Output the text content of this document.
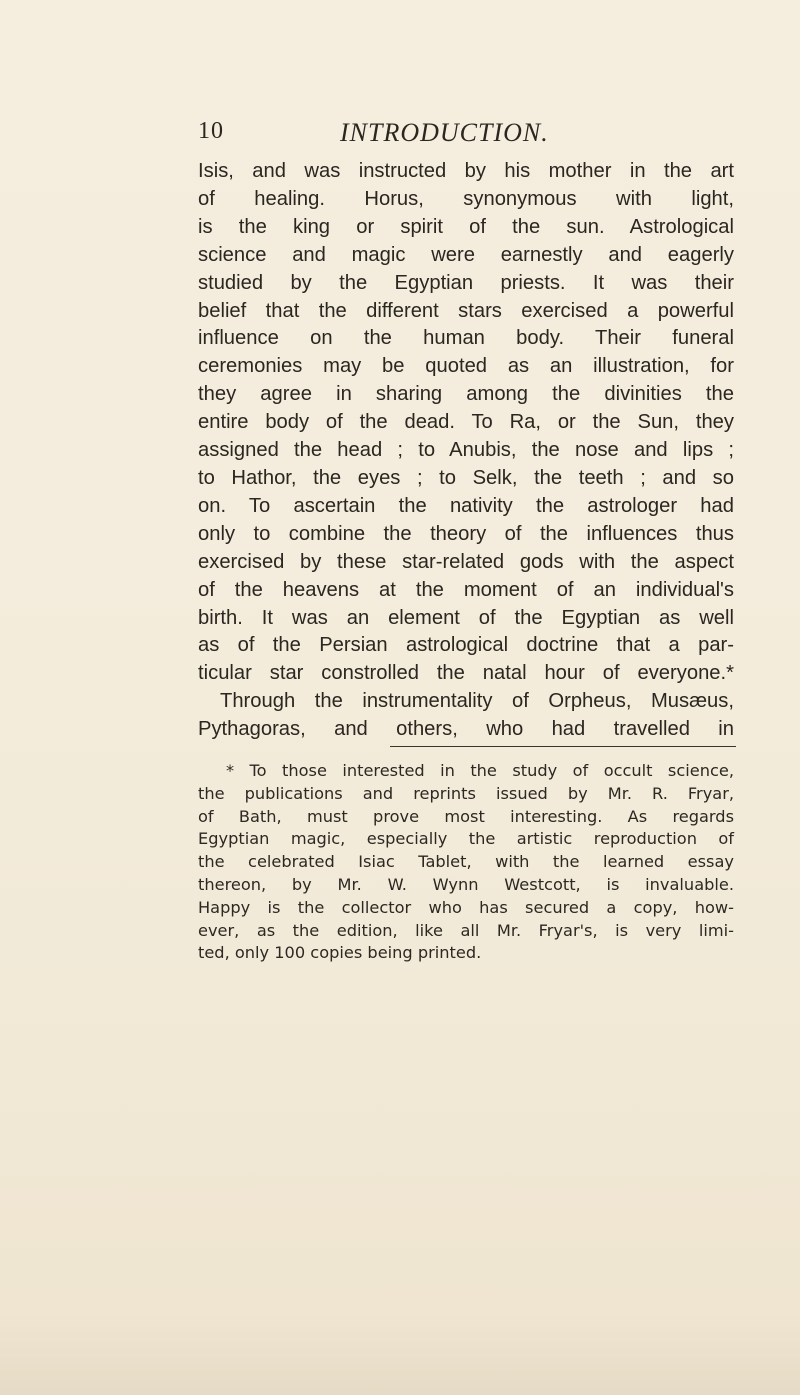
10	INTRODUCTION.
Isis, and was instructed by his mother in the art
of healing. Horus, synonymous with light,
is the king or spirit of the sun. Astrological
science and magic were earnestly and eagerly
studied by the Egyptian priests. It was their
belief that the different stars exercised a powerful
influence on the human body. Their funeral
ceremonies may be quoted as an illustration, for
they agree in sharing among the divinities the
entire body of the dead. To Ra, or the Sun, they
assigned the head ; to Anubis, the nose and lips ;
to Hathor, the eyes ; to Selk, the teeth ; and so
on. To ascertain the nativity the astrologer had
only to combine the theory of the influences thus
exercised by these star-related gods with the aspect
of the heavens at the moment of an individual's
birth. It was an element of the Egyptian as well
as of the Persian astrological doctrine that a par-
ticular star constrolled the natal hour of everyone.*
Through the instrumentality of Orpheus, Musæus,
Pythagoras, and others, who had travelled in
* To those interested in the study of occult science,
the publications and reprints issued by Mr. R. Fryar,
of Bath, must prove most interesting. As regards
Egyptian magic, especially the artistic reproduction of
the celebrated Isiac Tablet, with the learned essay
thereon, by Mr. W. Wynn Westcott, is invaluable.
Happy is the collector who has secured a copy, how-
ever, as the edition, like all Mr. Fryar's, is very limi-
ted, only 100 copies being printed.
